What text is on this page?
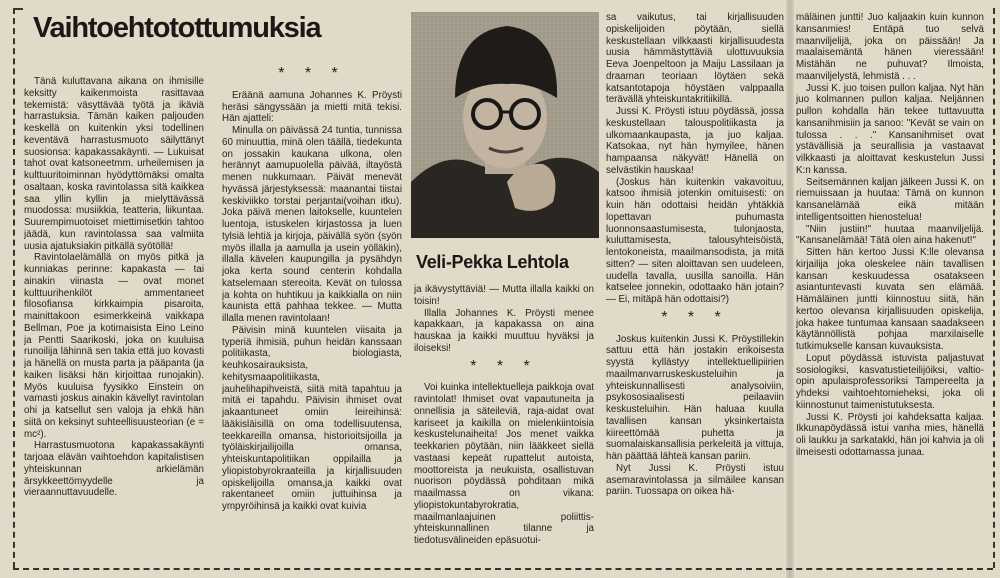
Vaihtoehtotottumuksia

Tänä kuluttavana aikana on ihmisille keksitty kaikenmoista rasittavaa tekemistä: väsyttävää työtä ja ikäviä harrastuksia. Tämän kaiken paljouden keskellä on kuitenkin yksi todellinen keventävä harrastusmuoto säilyttänyt suosionsa: kapakassakäynti. — Lukuisat tahot ovat katsoneetmm. urheilemisen ja kulttuuritoiminnan hyödyttömäksi omalta osaltaan, koska ravintolassa sitä kaikkea saa yllin kyllin ja mielyttävässä muodossa: musiikkia, teatteria, liikuntaa. Suurempimuotoiset miettimisetkin tahtoo jäädä, kun ravintolassa saa valmiita uusia ajatuksiakin pitkällä syötöllä!

Ravintolaelämällä on myös pitkä ja kunniakas perinne: kapakasta — tai ainakin viinasta — ovat monet kulttuurihenkilöt ammentaneet filosofiansa kirkkaimpia pisaroita, mainittakoon esimerkkeinä vaikkapa Bellman, Poe ja kotimaisista Eino Leino ja Pentti Saarikoski, joka on kuuluisa runoilija lähinnä sen takia että juo kovasti ja hänellä on musta parta ja pääpanta (ja kaiken lisäksi hän kirjoittaa runojakin). Myös kuuluisa fyysikko Einstein on vamasti joskus ainakin kävellyt ravintolan ohi ja katsellut sen valoja ja ehkä hän siitä on keksinyt suhteellisuusteorian (e = mc²).

Harrastusmuotona kapakassakäynti tarjoaa elävän vaihtoehdon kapitalistisen yhteiskunnan arkielämän ärsykkeettömyydelle ja vieraannuttavuudelle.

* * *

Eräänä aamuna Johannes K. Pröysti heräsi sängyssään ja mietti mitä tekisi. Hän ajatteli:

Minulla on päivässä 24 tuntia, tunnissa 60 minuuttia, minä olen täällä, tiedekunta on jossakin kaukana ulkona, olen herännyt aamupuolella päivää, iltayöstä menen nukkumaan. Päivät menevät hyvässä järjestyksessä: maanantai tiistai keskiviikko torstai perjantai(voihan itku). Joka päivä menen laitokselle, kuuntelen luentoja, istuskelen kirjastossa ja luen tylsiä lehtiä ja kirjoja, päivällä syön (syön myös illalla ja aamulla ja usein yölläkin), illalla kävelen kaupungilla ja pysähdyn joka kerta sound centerin kohdalla katselemaan stereoita. Kevät on tulossa ja kohta on huhtikuu ja kaikkialla on niin kaunista että pahhaa tekkee. — Mutta illalla menen ravintolaan!

Päivisin minä kuuntelen viisaita ja typeriä ihmisiä, puhun heidän kanssaan politiikasta, biologiasta, keuhkosairauksista, kehitysmaapolitiikasta, jauhelihapihveistä, siitä mitä tapahtuu ja mitä ei tapahdu. Päivisin ihmiset ovat jakaantuneet omiin leireihinsä: lääkisläisillä on oma todellisuutensa, teekkareilla omansa, historioitsijoilla ja työläiskirjailijoilla omansa, yhteiskuntapolitiikan oppilailla ja yliopistobyrokraateilla ja kirjallisuuden opiskelijoilla omansa,ja kaikki ovat rakentaneet omiin juttuihinsa ja ympyröihinsä ja kaikki ovat kuivia

Veli-Pekka Lehtola

ja ikävystyttäviä! — Mutta illalla kaikki on toisin!

Illalla Johannes K. Pröysti menee kapakkaan, ja kapakassa on aina hauskaa ja kaikki muuttuu hyväksi ja iloiseksi!

* * *

Voi kuinka intellektuelleja paikkoja ovat ravintolat! Ihmiset ovat vapautuneita ja onnellisia ja säteileviä, raja-aidat ovat kariseet ja kaikilla on mielenkiintoisia keskustelunaiheita! Jos menet vaikka teekkarien pöytään, niin lääkkeet siellä vastaasi kepeät rupattelut autoista, moottoreista ja neukuista, osallistuvan nuorison pöydässä pohditaan mikä maailmassa on vikana: yliopistokuntabyrokratia, maailmanlaajuinen poliittis-yhteiskunnallinen tilanne ja tiedotusvälineiden epäsuotui-

sa vaikutus, tai kirjallisuuden opiskelijoiden pöytään, siellä keskustellaan vilkkaasti kirjallisuudesta uusia hämmästyttäviä ulottuvuuksia Eeva Joenpeltoon ja Maiju Lassilaan ja draaman teoriaan löytäen sekä katsantotapoja höystäen valppaalla terävällä yhteiskuntakritiikillä.

Jussi K. Pröysti istuu pöydässä, jossa keskustellaan talouspolitiikasta ja ulkomaankaupasta, ja juo kaljaa. Katsokaa, nyt hän hymyilee, hänen hampaansa näkyvät! Hänellä on selvästikin hauskaa!

(Joskus hän kuitenkin vakavoituu, katsoo ihmisiä jotenkin omituisesti: on kuin hän odottaisi heidän yhtäkkiä lopettavan puhumasta luonnonsaastumisesta, tulonjaosta, kuluttamisesta, talousyhteisöistä, lentokoneista, maailmansodista, ja mitä sitten? — siten aloittavan sen uudeleen, uudella tavalla, uusilla sanoilla. Hän katselee jonnekin, odottaako hän jotain? — Ei, mitäpä hän odottaisi?)

* * *

Joskus kuitenkin Jussi K. Pröystillekin sattuu että hän jostakin erikoisesta syystä kyllästyy intellektuellipiirien maailmanvarruskeskusteluihin ja yhteiskunnallisesti analysoiviin, psykososiaalisesti peilaaviin keskusteluihin. Hän haluaa kuulla tavallisen kansan yksinkertaista kiireettömää puhetta ja suomalaiskansallisia perkeleitä ja vittuja, hän päättää lähteä kansan pariin.

Nyt Jussi K. Pröysti istuu asemaravintolassa ja silmäilee kansan pariin. Tuossapa on oikea hä-

mäläinen juntti! Juo kaljaakin kuin kunnon kansanmies! Entäpä tuo selvä maanviljelijä, joka on päissään! Ja maalaisemäntä hänen vieressään! Mistähän ne puhuvat? Ilmoista, maanviljelystä, lehmistä . . .

Jussi K. juo toisen pullon kaljaa. Nyt hän juo kolmannen pullon kaljaa. Neljännen pullon kohdalla hän tekee tuttavuutta kansanihmisiin ja sanoo: "Kevät se vain on tulossa . . ." Kansanihmiset ovat ystävällisiä ja seurallisia ja vastaavat vilkkaasti ja aloittavat keskustelun Jussi K:n kanssa.

Seitsemännen kaljan jälkeen Jussi K. on riemuissaan ja huutaa: Tämä on kunnon kansanelämää eikä mitään intelligentsoitten hienostelua!

"Niin justiin!" huutaa maanviljelijä. "Kansanelämää! Tätä olen aina hakenut!"

Sitten hän kertoo Jussi K:lle olevansa kirjailija joka oleskelee näin tavallisen kansan keskuudessa osatakseen asiantuntevasti kuvata sen elämää. Hämäläinen juntti kiinnostuu siitä, hän kertoo olevansa kirjallisuuden opiskelija, joka hakee tuntumaa kansaan saadakseen käytännöllistä pohjaa marxilaiselle tutkimukselle kansan kuvauksista.

Loput pöydässä istuvista paljastuvat sosiologiksi, kasvatustieteilijöiksi, valtio-opin apulaisprofessoriksi Tampereelta ja yhdeksi vaihtoehtomieheksi, joka oli kiinnostunut taimenistutuksesta.

Jussi K. Pröysti joi kahdeksatta kaljaa. Ikkunapöydässä istui vanha mies, hänellä oli laukku ja sarkatakki, hän joi kahvia ja oli ilmeisesti odottamassa junaa.
